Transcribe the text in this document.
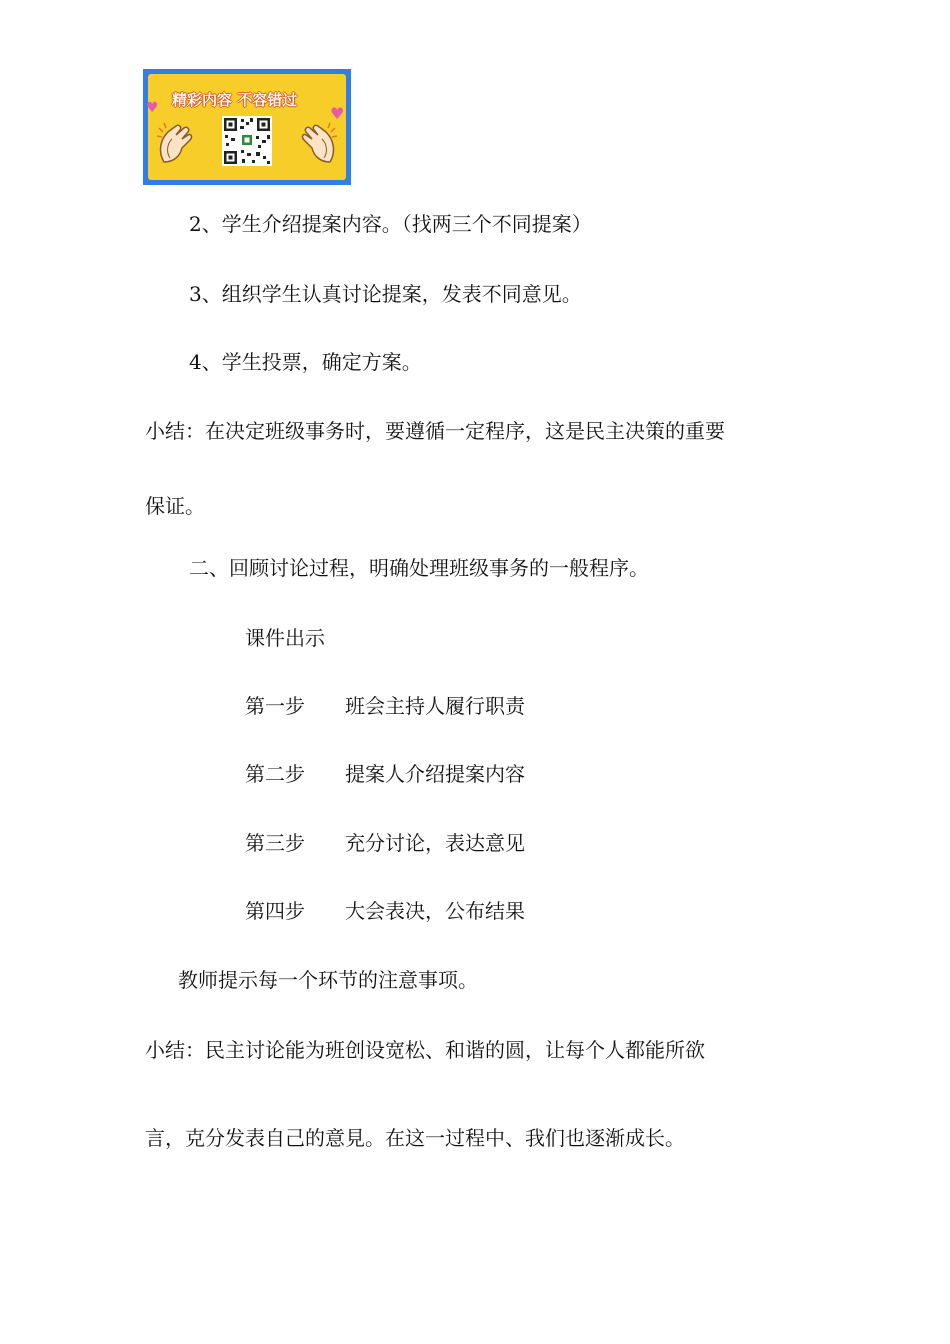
精彩内容 不容错过
♥	♥
2、学生介绍提案内容。（找两三个不同提案）
3、组织学生认真讨论提案，发表不同意见。
4、学生投票，确定方案。
小结：在决定班级事务时，要遵循一定程序，这是民主决策的重要
保证。
二、回顾讨论过程，明确处理班级事务的一般程序。
课件出示
第一步 班会主持人履行职责
第二步 提案人介绍提案内容
第三步 充分讨论，表达意见
第四步 大会表决，公布结果
教师提示每一个环节的注意事项。
小结：民主讨论能为班创设宽松、和谐的圆，让每个人都能所欲
言，克分发表自己的意見。在这一过程中、我们也逐渐成长。
